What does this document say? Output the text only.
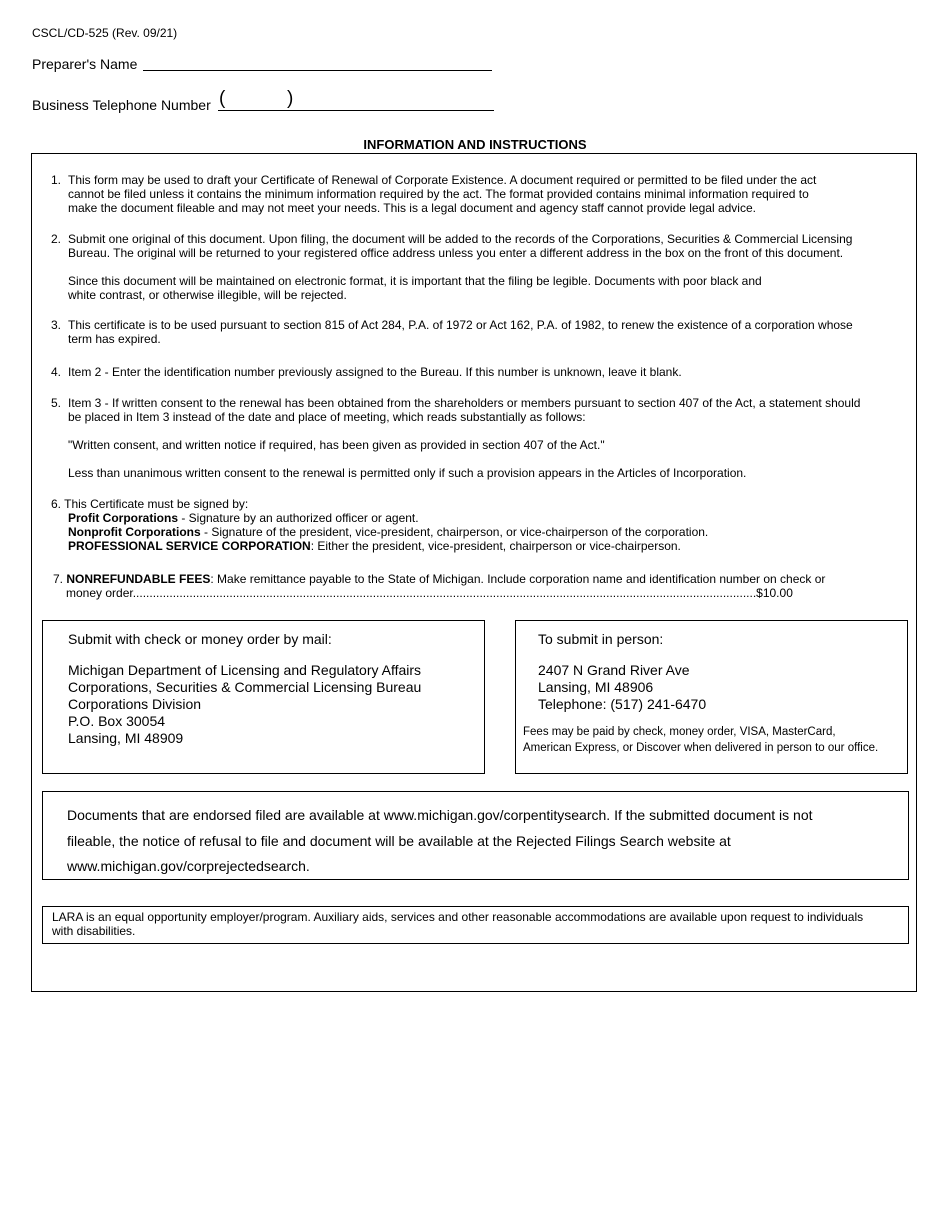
CSCL/CD-525 (Rev. 09/21)
Preparer's Name
Business Telephone Number (	)
INFORMATION AND INSTRUCTIONS
1. This form may be used to draft your Certificate of Renewal of Corporate Existence. A document required or permitted to be filed under the act
cannot be filed unless it contains the minimum information required by the act. The format provided contains minimal information required to
make the document fileable and may not meet your needs. This is a legal document and agency staff cannot provide legal advice.
2. Submit one original of this document. Upon filing, the document will be added to the records of the Corporations, Securities & Commercial Licensing
Bureau. The original will be returned to your registered office address unless you enter a different address in the box on the front of this document.
Since this document will be maintained on electronic format, it is important that the filing be legible. Documents with poor black and
white contrast, or otherwise illegible, will be rejected.
3. This certificate is to be used pursuant to section 815 of Act 284, P.A. of 1972 or Act 162, P.A. of 1982, to renew the existence of a corporation whose
term has expired.
4. Item 2 - Enter the identification number previously assigned to the Bureau. If this number is unknown, leave it blank.
5. Item 3 - If written consent to the renewal has been obtained from the shareholders or members pursuant to section 407 of the Act, a statement should
be placed in Item 3 instead of the date and place of meeting, which reads substantially as follows:
"Written consent, and written notice if required, has been given as provided in section 407 of the Act."
Less than unanimous written consent to the renewal is permitted only if such a provision appears in the Articles of Incorporation.
6. This Certificate must be signed by:
Profit Corporations - Signature by an authorized officer or agent.
Nonprofit Corporations - Signature of the president, vice-president, chairperson, or vice-chairperson of the corporation.
PROFESSIONAL SERVICE CORPORATION: Either the president, vice-president, chairperson or vice-chairperson.
7. NONREFUNDABLE FEES: Make remittance payable to the State of Michigan. Include corporation name and identification number on check or
money order...........................................................................................................................................................................................$10.00
Submit with check or money order by mail:
Michigan Department of Licensing and Regulatory Affairs
Corporations, Securities & Commercial Licensing Bureau
Corporations Division
P.O. Box 30054
Lansing, MI 48909
To submit in person:
2407 N Grand River Ave
Lansing, MI 48906
Telephone: (517) 241-6470
Fees may be paid by check, money order, VISA, MasterCard,
American Express, or Discover when delivered in person to our office.
Documents that are endorsed filed are available at www.michigan.gov/corpentitysearch. If the submitted document is not
fileable, the notice of refusal to file and document will be available at the Rejected Filings Search website at
www.michigan.gov/corprejectedsearch.
LARA is an equal opportunity employer/program. Auxiliary aids, services and other reasonable accommodations are available upon request to individuals
with disabilities.
